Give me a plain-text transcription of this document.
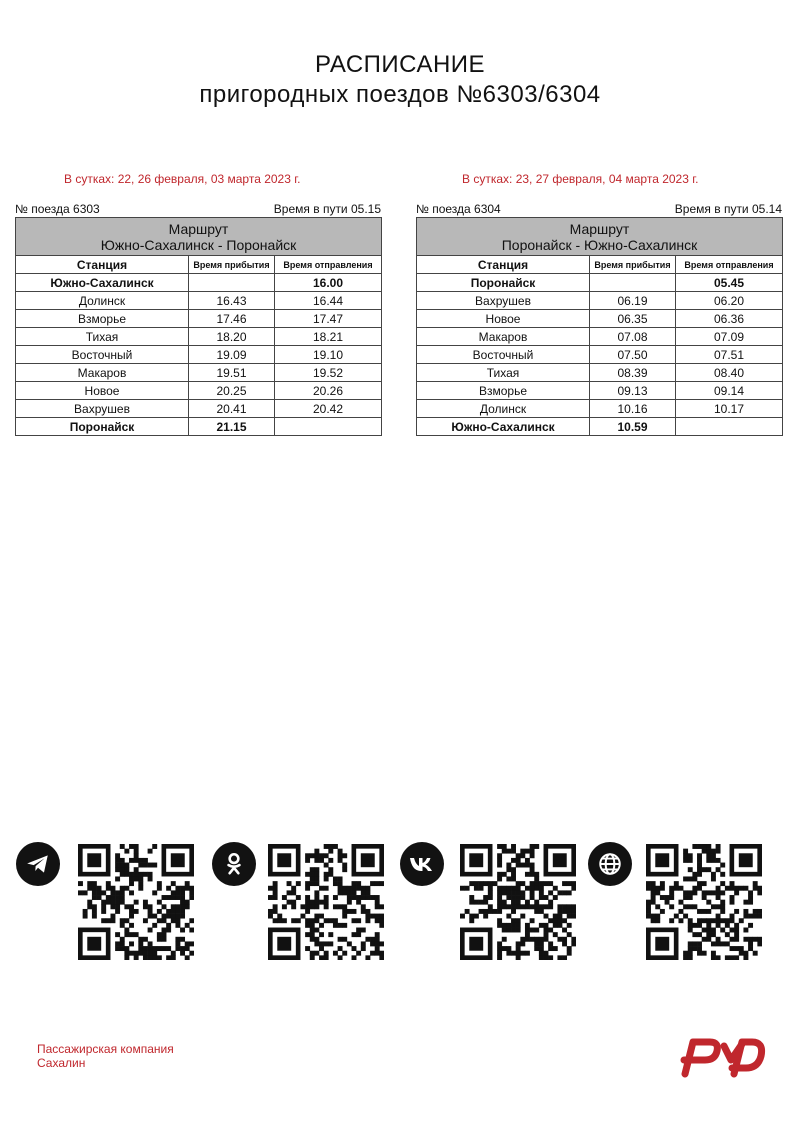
РАСПИСАНИЕ
пригородных поездов №6303/6304
В сутках: 22, 26 февраля, 03 марта 2023 г.	В сутках: 23, 27 февраля, 04 марта 2023 г.
№ поезда 6303	Время в пути 05.15
Маршрут
Южно-Сахалинск - Поронайск		

Станция	Время прибытия	Время отправления
Южно-Сахалинск		16.00
Долинск	16.43	16.44
Взморье	17.46	17.47
Тихая	18.20	18.21
Восточный	19.09	19.10
Макаров	19.51	19.52
Новое	20.25	20.26
Вахрушев	20.41	20.42
Поронайск	21.15	
№ поезда 6304	Время в пути 05.14
Маршрут
Поронайск - Южно-Сахалинск		

Станция	Время прибытия	Время отправления
Поронайск		05.45
Вахрушев	06.19	06.20
Новое	06.35	06.36
Макаров	07.08	07.09
Восточный	07.50	07.51
Тихая	08.39	08.40
Взморье	09.13	09.14
Долинск	10.16	10.17
Южно-Сахалинск	10.59	
Пассажирская компания
Сахалин
